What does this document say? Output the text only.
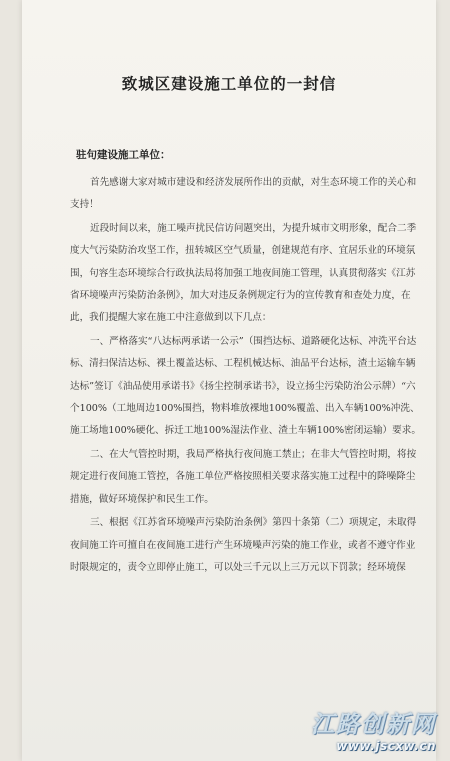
致城区建设施工单位的一封信
驻句建设施工单位：

首先感谢大家对城市建设和经济发展所作出的贡献，对生态环境工作的关心和支持！

近段时间以来，施工噪声扰民信访问题突出，为提升城市文明形象，配合二季度大气污染防治攻坚工作，扭转城区空气质量，创建规范有序、宜居乐业的环境氛围，句容生态环境综合行政执法局将加强工地夜间施工管理，认真贯彻落实《江苏省环境噪声污染防治条例》，加大对违反条例规定行为的宣传教育和查处力度，在此，我们提醒大家在施工中注意做到以下几点：

一、严格落实“八达标两承诺一公示”（围挡达标、道路硬化达标、冲洗平台达标、清扫保洁达标、裸土覆盖达标、工程机械达标、油品平台达标，渣土运输车辆达标”签订《油品使用承诺书》《扬尘控制承诺书》，设立扬尘污染防治公示牌）“六个100%（工地周边100%围挡，物料堆放裸地100%覆盖、出入车辆100%冲洗、施工场地100%硬化、拆迁工地100%湿法作业、渣土车辆100%密闭运输）要求。

二、在大气管控时期，我局严格执行夜间施工禁止；在非大气管控时期，将按规定进行夜间施工管控，各施工单位严格按照相关要求落实施工过程中的降噪降尘措施，做好环境保护和民生工作。

三、根据《江苏省环境噪声污染防治条例》第四十条第（二）项规定，未取得夜间施工许可擅自在夜间施工进行产生环境噪声污染的施工作业，或者不遵守作业时限规定的，责令立即停止施工，可以处三千元以上三万元以下罚款；经环境保

江路创新网
www.jscxw.cn
